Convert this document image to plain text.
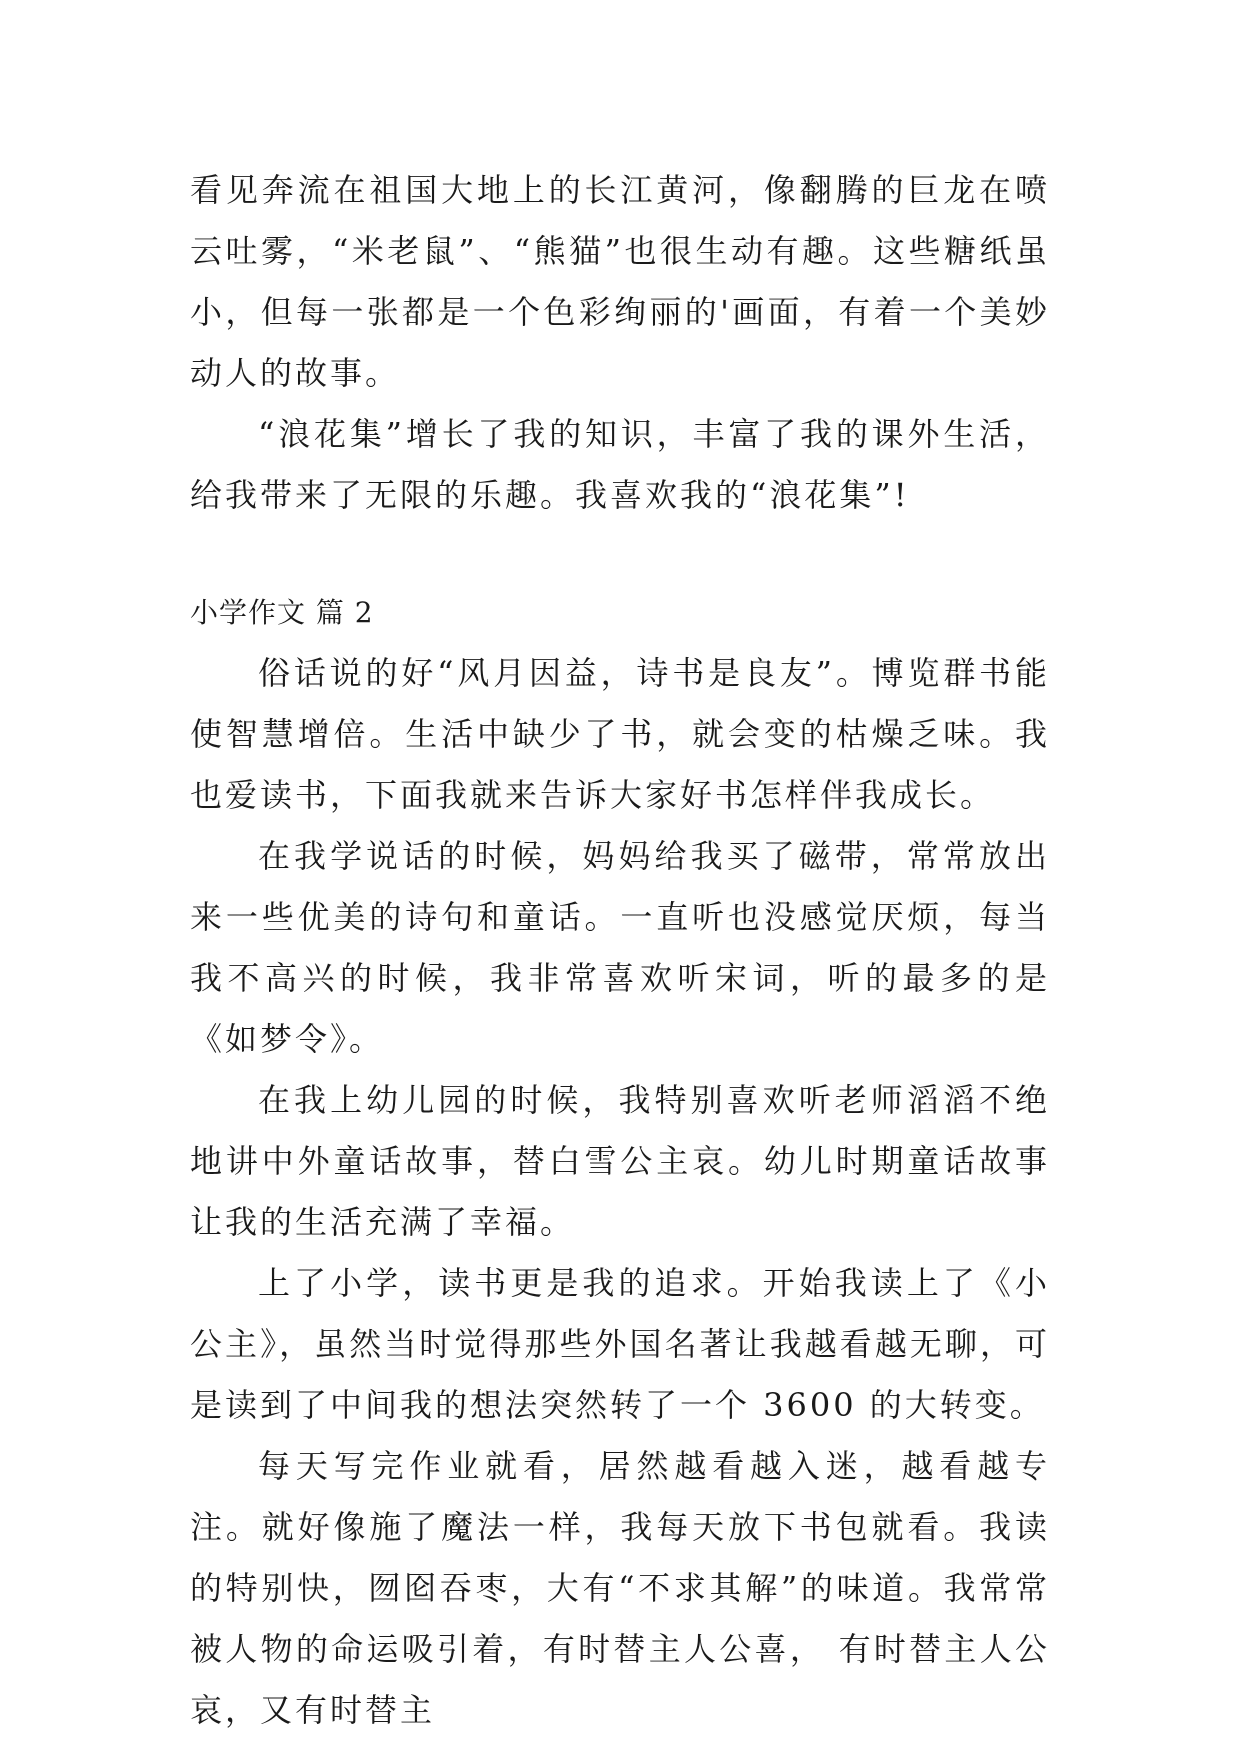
看见奔流在祖国大地上的长江黄河，像翻腾的巨龙在喷云吐雾，“米老鼠”、“熊猫”也很生动有趣。这些糖纸虽小，但每一张都是一个色彩绚丽的'画面，有着一个美妙动人的故事。

“浪花集”增长了我的知识，丰富了我的课外生活，给我带来了无限的乐趣。我喜欢我的“浪花集”!

小学作文 篇 2

俗话说的好“风月因益，诗书是良友”。博览群书能使智慧增倍。生活中缺少了书，就会变的枯燥乏味。我也爱读书，下面我就来告诉大家好书怎样伴我成长。

在我学说话的时候，妈妈给我买了磁带，常常放出来一些优美的诗句和童话。一直听也没感觉厌烦，每当我不高兴的时候，我非常喜欢听宋词，听的最多的是《如梦令》。

在我上幼儿园的时候，我特别喜欢听老师滔滔不绝地讲中外童话故事，替白雪公主哀。幼儿时期童话故事让我的生活充满了幸福。

上了小学，读书更是我的追求。开始我读上了《小公主》，虽然当时觉得那些外国名著让我越看越无聊，可是读到了中间我的想法突然转了一个 3600 的大转变。

每天写完作业就看，居然越看越入迷，越看越专注。就好像施了魔法一样，我每天放下书包就看。我读的特别快，囫囵吞枣，大有“不求其解”的味道。我常常被人物的命运吸引着，有时替主人公喜， 有时替主人公哀，又有时替主
